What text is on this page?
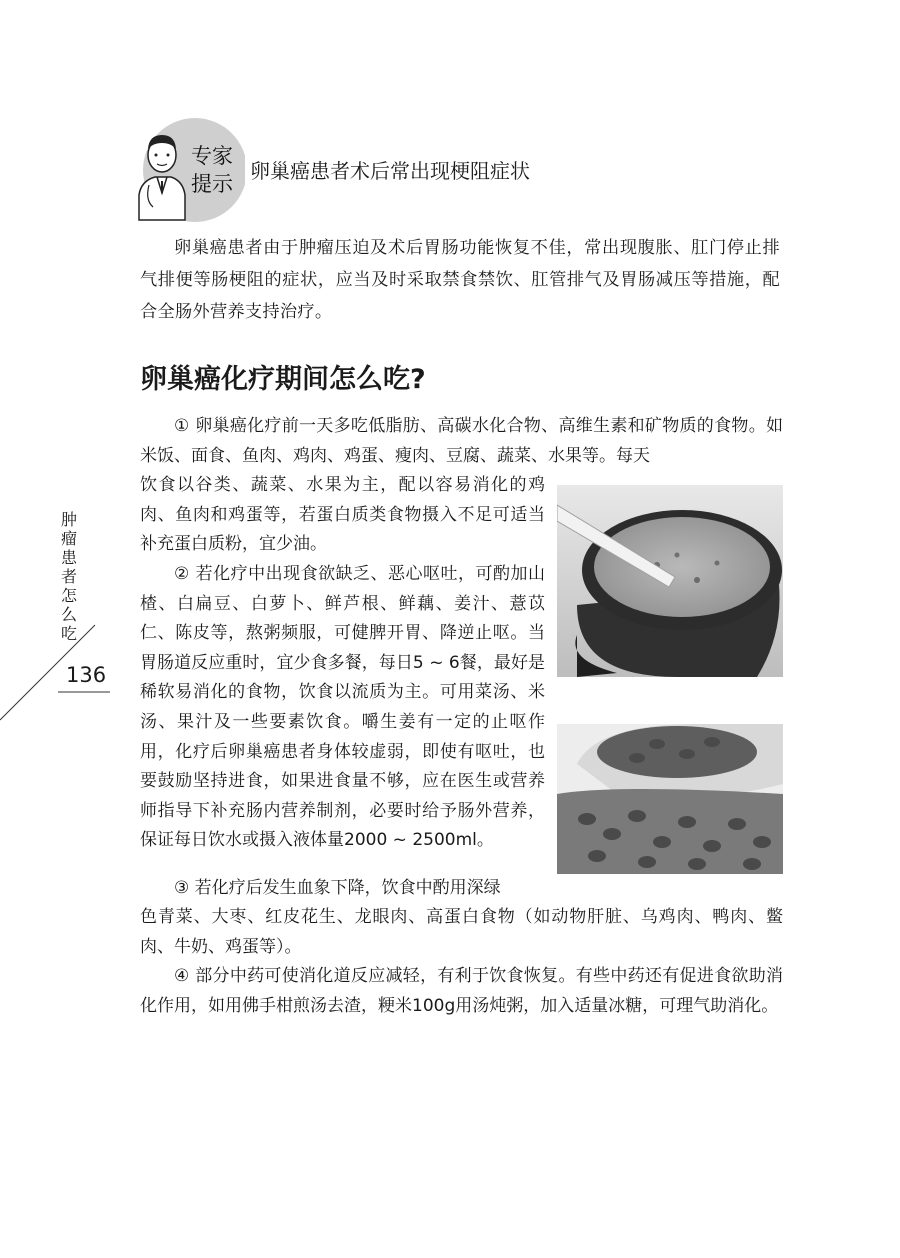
专家
提示
卵巢癌患者术后常出现梗阻症状
卵巢癌患者由于肿瘤压迫及术后胃肠功能恢复不佳，常出现腹胀、肛门停止排气排便等肠梗阻的症状，应当及时采取禁食禁饮、肛管排气及胃肠减压等措施，配合全肠外营养支持治疗。
卵巢癌化疗期间怎么吃?
① 卵巢癌化疗前一天多吃低脂肪、高碳水化合物、高维生素和矿物质的食物。如米饭、面食、鱼肉、鸡肉、鸡蛋、瘦肉、豆腐、蔬菜、水果等。每天
饮食以谷类、蔬菜、水果为主，配以容易消化的鸡肉、鱼肉和鸡蛋等，若蛋白质类食物摄入不足可适当补充蛋白质粉，宜少油。
② 若化疗中出现食欲缺乏、恶心呕吐，可酌加山楂、白扁豆、白萝卜、鲜芦根、鲜藕、姜汁、薏苡仁、陈皮等，熬粥频服，可健脾开胃、降逆止呕。当胃肠道反应重时，宜少食多餐，每日5 ~ 6餐，最好是稀软易消化的食物，饮食以流质为主。可用菜汤、米汤、果汁及一些要素饮食。嚼生姜有一定的止呕作用，化疗后卵巢癌患者身体较虚弱，即使有呕吐，也要鼓励坚持进食，如果进食量不够，应在医生或营养师指导下补充肠内营养制剂，必要时给予肠外营养，保证每日饮水或摄入液体量2000 ~ 2500ml。
③ 若化疗后发生血象下降，饮食中酌用深绿
色青菜、大枣、红皮花生、龙眼肉、高蛋白食物（如动物肝脏、乌鸡肉、鸭肉、鳖肉、牛奶、鸡蛋等）。
④ 部分中药可使消化道反应减轻，有利于饮食恢复。有些中药还有促进食欲助消化作用，如用佛手柑煎汤去渣，粳米100g用汤炖粥，加入适量冰糖，可理气助消化。
肿
瘤
患
者
怎
么
吃
136
